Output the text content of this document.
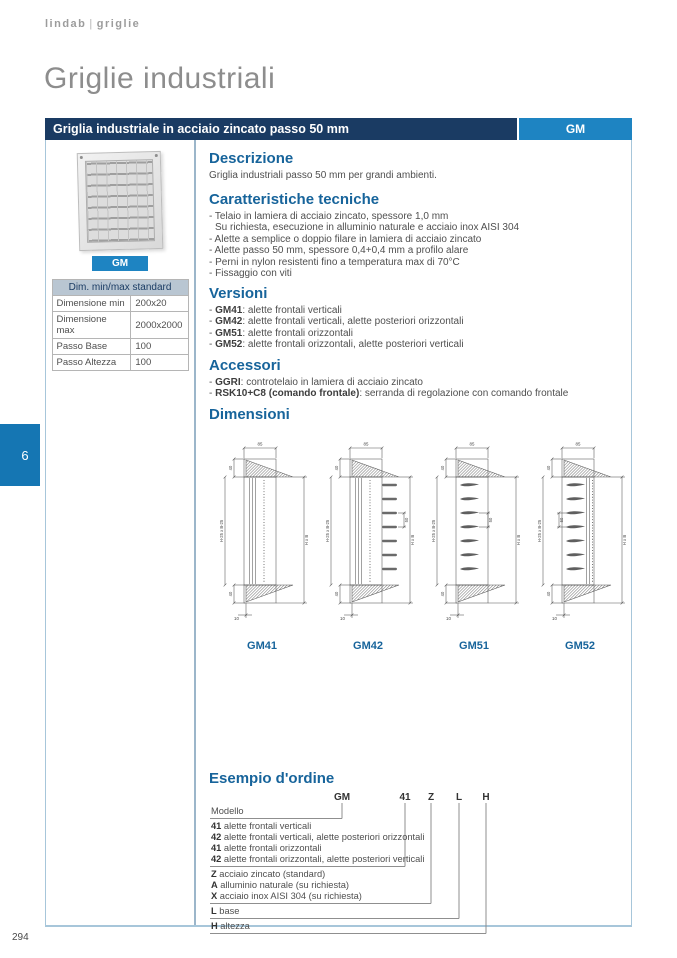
lindab | griglie
Griglie industriali
Griglia industriale in acciaio zincato passo 50 mm	GM
GM
Dim. min/max standard	
Dimensione min	200x20
Dimensione max	2000x2000
Passo Base	100
Passo Altezza	100
Descrizione
Griglia industriali passo 50 mm per grandi ambienti.
Caratteristiche tecniche
- Telaio in lamiera di acciaio zincato, spessore 1,0 mm
Su richiesta, esecuzione in alluminio naturale e acciaio inox AISI 304
- Alette a semplice o doppio filare in lamiera di acciaio zincato
- Alette passo 50 mm, spessore 0,4+0,4 mm a profilo alare
- Perni in nylon resistenti fino a temperatura max di 70°C
- Fissaggio con viti
Versioni
- GM41: alette frontali verticali
- GM42: alette frontali verticali, alette posteriori orizzontali
- GM51: alette frontali orizzontali
- GM52: alette frontali orizzontali, alette posteriori verticali
Accessori
- GGRI: controtelaio in lamiera di acciaio zincato
- RSK10+C8 (comando frontale): serranda di regolazione con comando frontale
Dimensioni
85
10
40
40
H-25 x B-25	H x B
GM41
85
10
40
40
H-25 x B-25	H x B
50
GM42
85
10
40
40
H-25 x B-25	H x B
50
GM51
85
10
40
40
H-25 x B-25	H x B
50
GM52
Esempio d'ordine
GM	41	Z	L	H
Modello
41 alette frontali verticali
42 alette frontali verticali, alette posteriori orizzontali
41 alette frontali orizzontali
42 alette frontali orizzontali, alette posteriori verticali
Z acciaio zincato (standard)
A alluminio naturale (su richiesta)
X acciaio inox AISI 304 (su richiesta)
L base
H altezza
6
294
